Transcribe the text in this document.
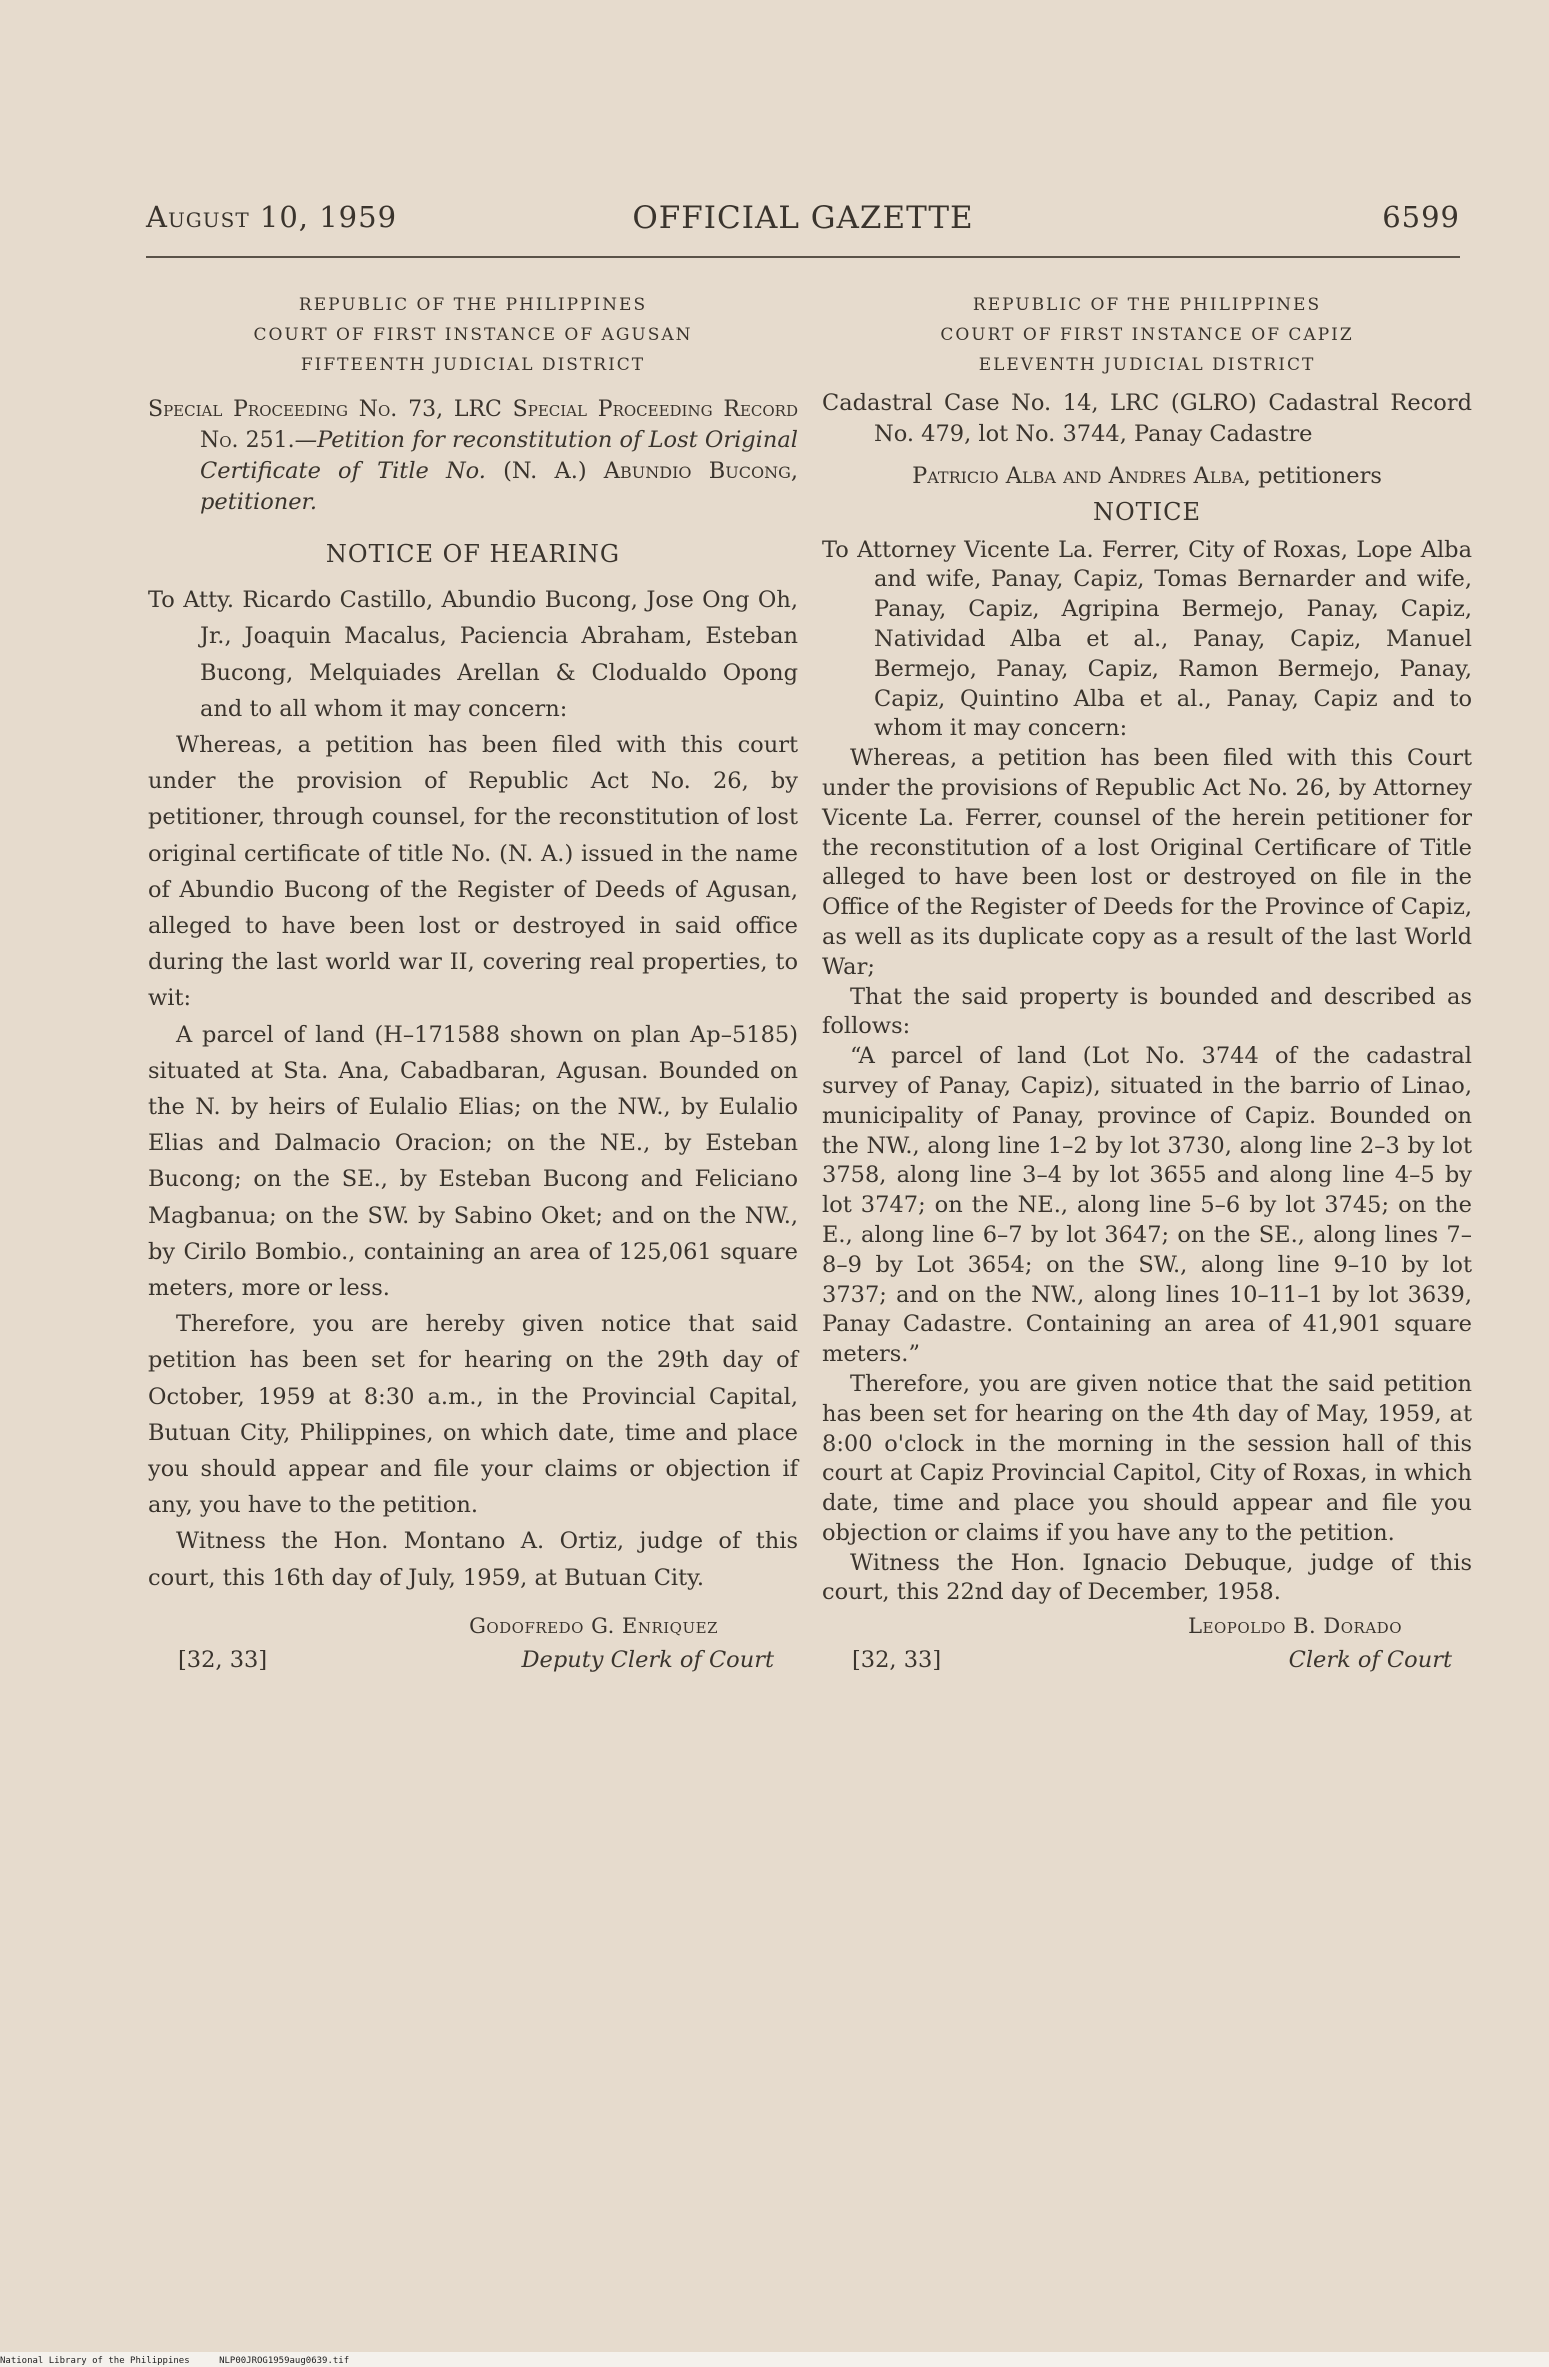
August 10, 1959	OFFICIAL GAZETTE	6599
REPUBLIC OF THE PHILIPPINES
COURT OF FIRST INSTANCE OF AGUSAN
FIFTEENTH JUDICIAL DISTRICT
Special Proceeding No. 73, LRC Special Proceeding Record No. 251.—Petition for reconstitution of Lost Original Certificate of Title No. (N. A.) Abundio Bucong, petitioner.
NOTICE OF HEARING
To Atty. Ricardo Castillo, Abundio Bucong, Jose Ong Oh, Jr., Joaquin Macalus, Paciencia Abraham, Esteban Bucong, Melquiades Arellan & Clodualdo Opong and to all whom it may concern:

Whereas, a petition has been filed with this court under the provision of Republic Act No. 26, by petitioner, through counsel, for the reconstitution of lost original certificate of title No. (N. A.) issued in the name of Abundio Bucong of the Register of Deeds of Agusan, alleged to have been lost or destroyed in said office during the last world war II, covering real properties, to wit:

A parcel of land (H–171588 shown on plan Ap–5185) situated at Sta. Ana, Cabadbaran, Agusan. Bounded on the N. by heirs of Eulalio Elias; on the NW., by Eulalio Elias and Dalmacio Oracion; on the NE., by Esteban Bucong; on the SE., by Esteban Bucong and Feliciano Magbanua; on the SW. by Sabino Oket; and on the NW., by Cirilo Bombio., containing an area of 125,061 square meters, more or less.

Therefore, you are hereby given notice that said petition has been set for hearing on the 29th day of October, 1959 at 8:30 a.m., in the Provincial Capital, Butuan City, Philippines, on which date, time and place you should appear and file your claims or objection if any, you have to the petition.

Witness the Hon. Montano A. Ortiz, judge of this court, this 16th day of July, 1959, at Butuan City.

Godofredo G. Enriquez
[32, 33]	Deputy Clerk of Court
REPUBLIC OF THE PHILIPPINES
COURT OF FIRST INSTANCE OF CAPIZ
ELEVENTH JUDICIAL DISTRICT
Cadastral Case No. 14, LRC (GLRO) Cadastral Record No. 479, lot No. 3744, Panay Cadastre
Patricio Alba and Andres Alba, petitioners
NOTICE
To Attorney Vicente La. Ferrer, City of Roxas, Lope Alba and wife, Panay, Capiz, Tomas Bernarder and wife, Panay, Capiz, Agripina Bermejo, Panay, Capiz, Natividad Alba et al., Panay, Capiz, Manuel Bermejo, Panay, Capiz, Ramon Bermejo, Panay, Capiz, Quintino Alba et al., Panay, Capiz and to whom it may concern:

Whereas, a petition has been filed with this Court under the provisions of Republic Act No. 26, by Attorney Vicente La. Ferrer, counsel of the herein petitioner for the reconstitution of a lost Original Certificare of Title alleged to have been lost or destroyed on file in the Office of the Register of Deeds for the Province of Capiz, as well as its duplicate copy as a result of the last World War;

That the said property is bounded and described as follows:

“A parcel of land (Lot No. 3744 of the cadastral survey of Panay, Capiz), situated in the barrio of Linao, municipality of Panay, province of Capiz. Bounded on the NW., along line 1–2 by lot 3730, along line 2–3 by lot 3758, along line 3–4 by lot 3655 and along line 4–5 by lot 3747; on the NE., along line 5–6 by lot 3745; on the E., along line 6–7 by lot 3647; on the SE., along lines 7–8–9 by Lot 3654; on the SW., along line 9–10 by lot 3737; and on the NW., along lines 10–11–1 by lot 3639, Panay Cadastre. Containing an area of 41,901 square meters.”

Therefore, you are given notice that the said petition has been set for hearing on the 4th day of May, 1959, at 8:00 o'clock in the morning in the session hall of this court at Capiz Provincial Capitol, City of Roxas, in which date, time and place you should appear and file you objection or claims if you have any to the petition.

Witness the Hon. Ignacio Debuque, judge of this court, this 22nd day of December, 1958.

Leopoldo B. Dorado
[32, 33]	Clerk of Court
National Library of the Philippines	NLP00JROG1959aug0639.tif
